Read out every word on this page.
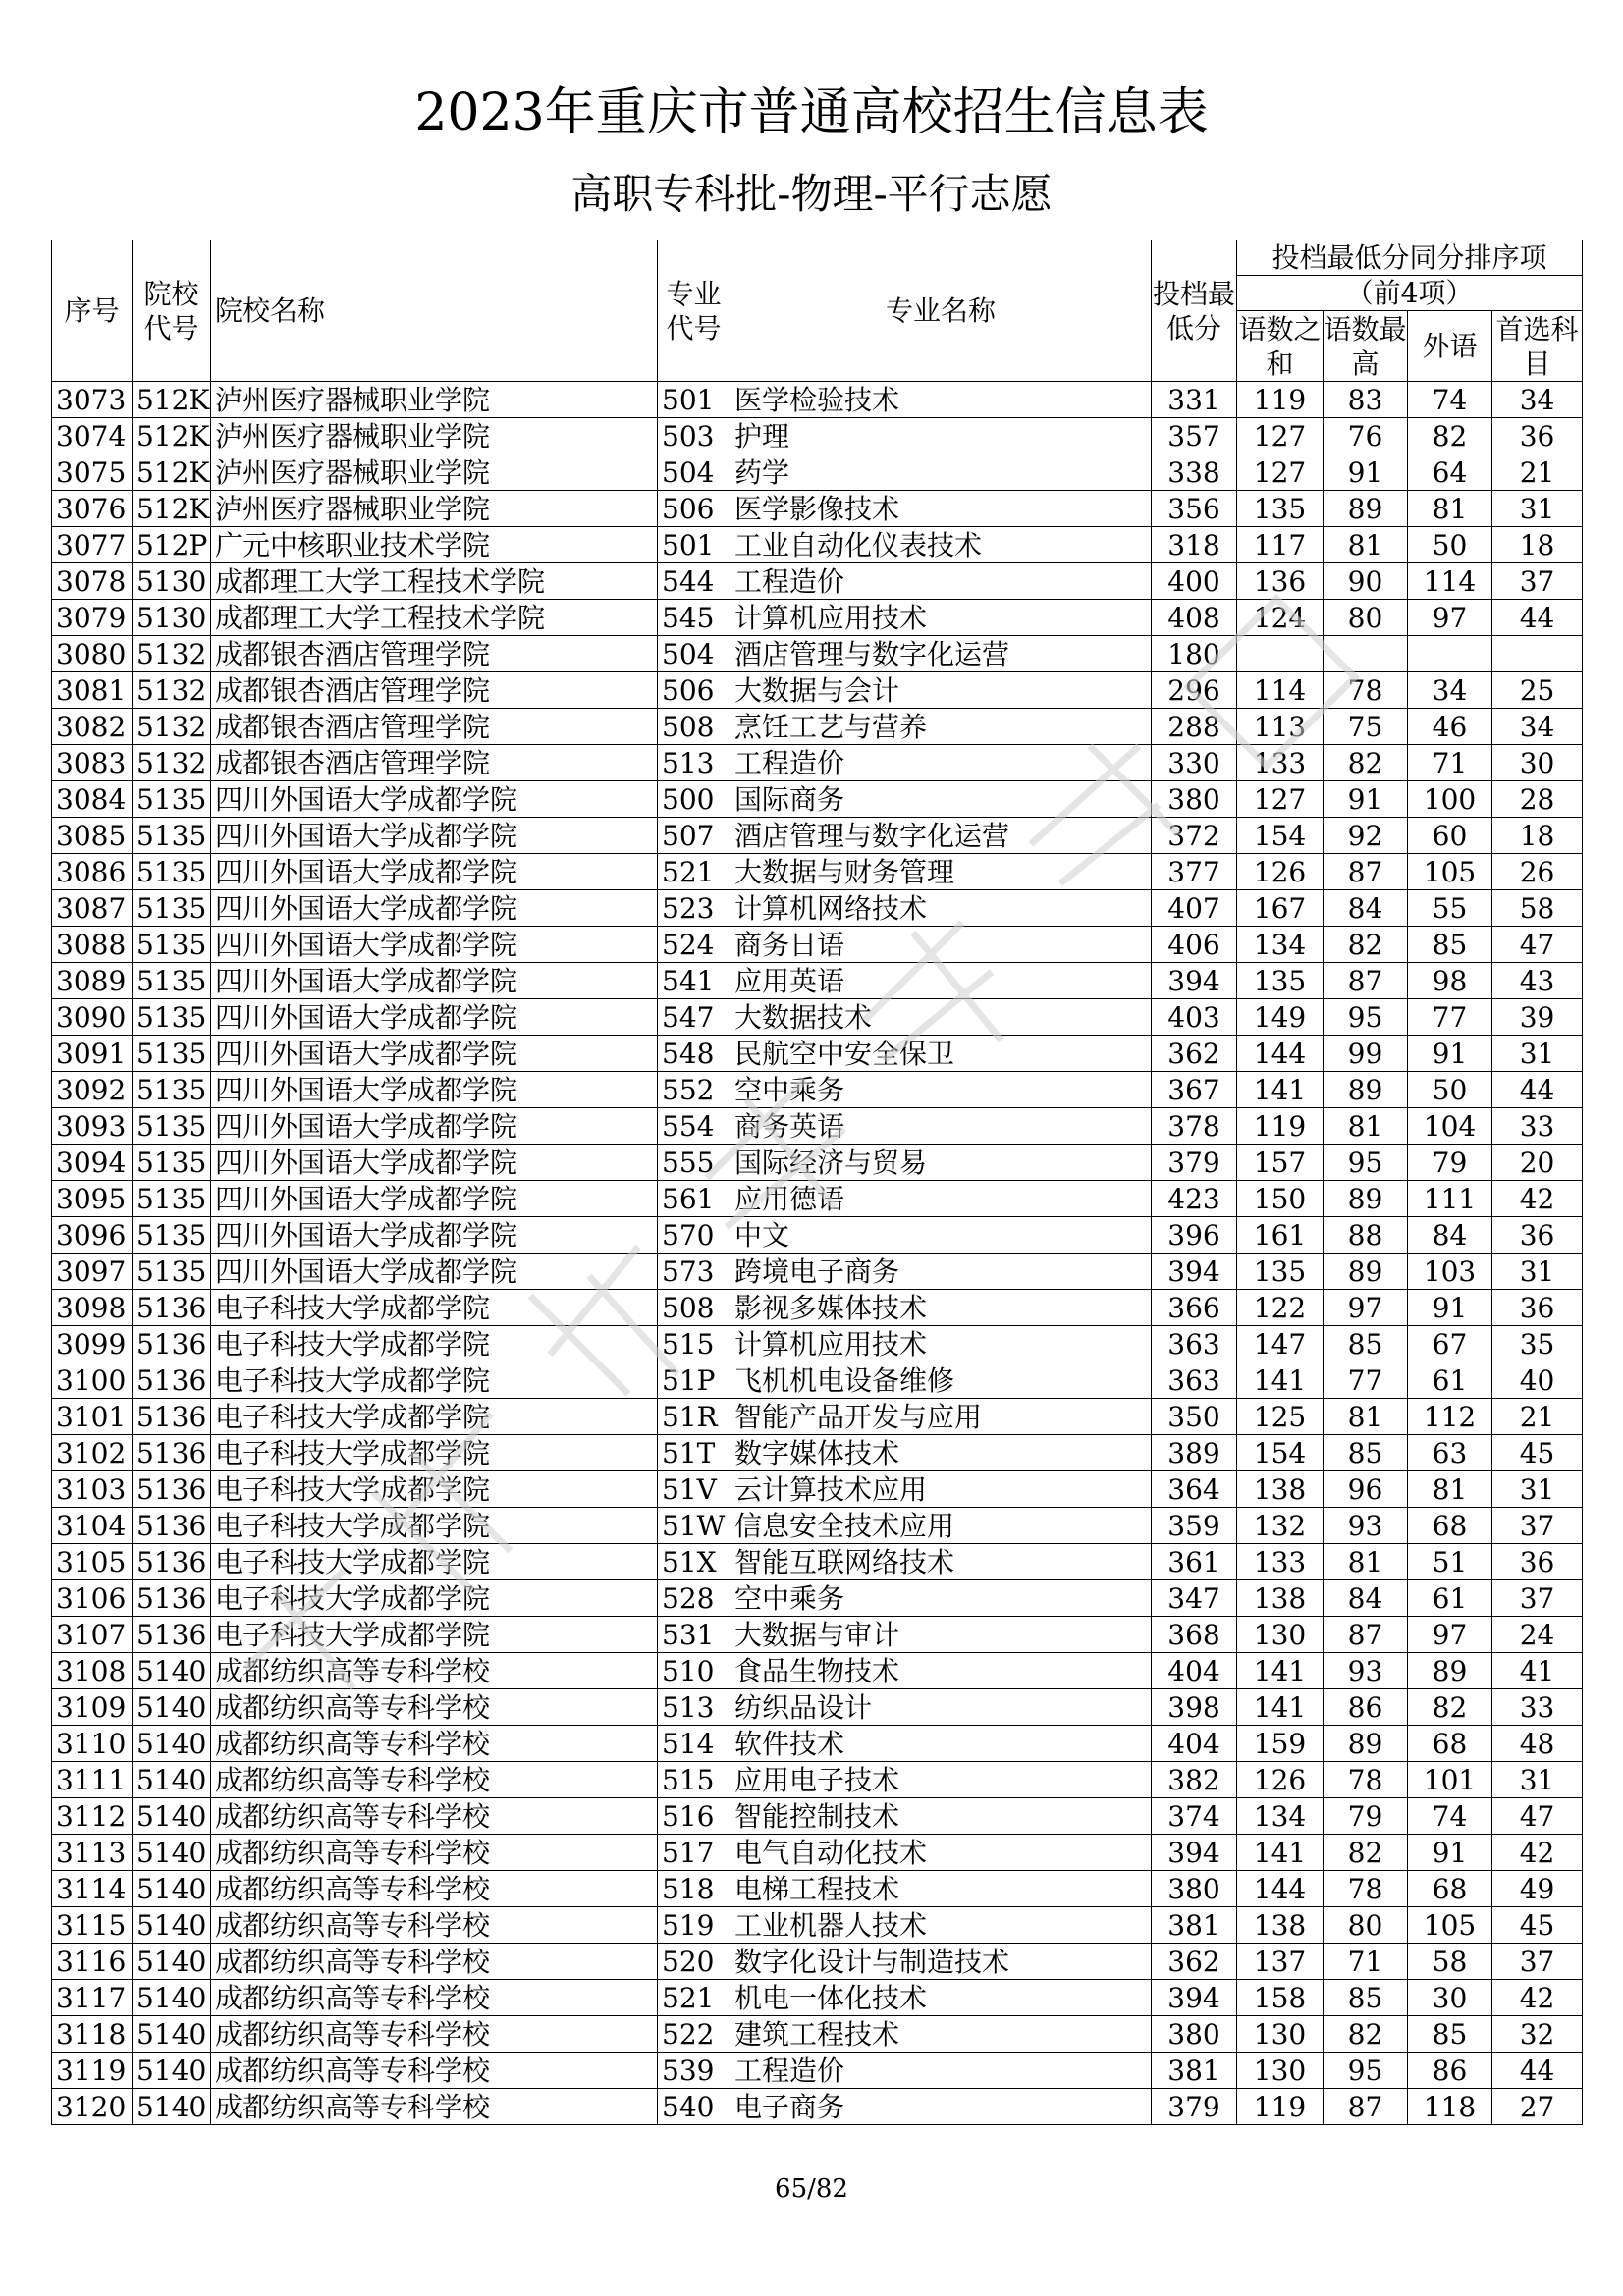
2023年重庆市普通高校招生信息表
高职专科批-物理-平行志愿
序号	院校代号	院校名称	专业代号	专业名称	投档最低分	投档最低分同分排序项			
						（前4项）			
						语数之和	语数最高	外语	首选科目
3073	512K	泸州医疗器械职业学院	501	医学检验技术	331	119	83	74	34
3074	512K	泸州医疗器械职业学院	503	护理	357	127	76	82	36
3075	512K	泸州医疗器械职业学院	504	药学	338	127	91	64	21
3076	512K	泸州医疗器械职业学院	506	医学影像技术	356	135	89	81	31
3077	512P	广元中核职业技术学院	501	工业自动化仪表技术	318	117	81	50	18
3078	5130	成都理工大学工程技术学院	544	工程造价	400	136	90	114	37
3079	5130	成都理工大学工程技术学院	545	计算机应用技术	408	124	80	97	44
3080	5132	成都银杏酒店管理学院	504	酒店管理与数字化运营	180				
3081	5132	成都银杏酒店管理学院	506	大数据与会计	296	114	78	34	25
3082	5132	成都银杏酒店管理学院	508	烹饪工艺与营养	288	113	75	46	34
3083	5132	成都银杏酒店管理学院	513	工程造价	330	133	82	71	30
3084	5135	四川外国语大学成都学院	500	国际商务	380	127	91	100	28
3085	5135	四川外国语大学成都学院	507	酒店管理与数字化运营	372	154	92	60	18
3086	5135	四川外国语大学成都学院	521	大数据与财务管理	377	126	87	105	26
3087	5135	四川外国语大学成都学院	523	计算机网络技术	407	167	84	55	58
3088	5135	四川外国语大学成都学院	524	商务日语	406	134	82	85	47
3089	5135	四川外国语大学成都学院	541	应用英语	394	135	87	98	43
3090	5135	四川外国语大学成都学院	547	大数据技术	403	149	95	77	39
3091	5135	四川外国语大学成都学院	548	民航空中安全保卫	362	144	99	91	31
3092	5135	四川外国语大学成都学院	552	空中乘务	367	141	89	50	44
3093	5135	四川外国语大学成都学院	554	商务英语	378	119	81	104	33
3094	5135	四川外国语大学成都学院	555	国际经济与贸易	379	157	95	79	20
3095	5135	四川外国语大学成都学院	561	应用德语	423	150	89	111	42
3096	5135	四川外国语大学成都学院	570	中文	396	161	88	84	36
3097	5135	四川外国语大学成都学院	573	跨境电子商务	394	135	89	103	31
3098	5136	电子科技大学成都学院	508	影视多媒体技术	366	122	97	91	36
3099	5136	电子科技大学成都学院	515	计算机应用技术	363	147	85	67	35
3100	5136	电子科技大学成都学院	51P	飞机机电设备维修	363	141	77	61	40
3101	5136	电子科技大学成都学院	51R	智能产品开发与应用	350	125	81	112	21
3102	5136	电子科技大学成都学院	51T	数字媒体技术	389	154	85	63	45
3103	5136	电子科技大学成都学院	51V	云计算技术应用	364	138	96	81	31
3104	5136	电子科技大学成都学院	51W	信息安全技术应用	359	132	93	68	37
3105	5136	电子科技大学成都学院	51X	智能互联网络技术	361	133	81	51	36
3106	5136	电子科技大学成都学院	528	空中乘务	347	138	84	61	37
3107	5136	电子科技大学成都学院	531	大数据与审计	368	130	87	97	24
3108	5140	成都纺织高等专科学校	510	食品生物技术	404	141	93	89	41
3109	5140	成都纺织高等专科学校	513	纺织品设计	398	141	86	82	33
3110	5140	成都纺织高等专科学校	514	软件技术	404	159	89	68	48
3111	5140	成都纺织高等专科学校	515	应用电子技术	382	126	78	101	31
3112	5140	成都纺织高等专科学校	516	智能控制技术	374	134	79	74	47
3113	5140	成都纺织高等专科学校	517	电气自动化技术	394	141	82	91	42
3114	5140	成都纺织高等专科学校	518	电梯工程技术	380	144	78	68	49
3115	5140	成都纺织高等专科学校	519	工业机器人技术	381	138	80	105	45
3116	5140	成都纺织高等专科学校	520	数字化设计与制造技术	362	137	71	58	37
3117	5140	成都纺织高等专科学校	521	机电一体化技术	394	158	85	30	42
3118	5140	成都纺织高等专科学校	522	建筑工程技术	380	130	82	85	32
3119	5140	成都纺织高等专科学校	539	工程造价	381	130	95	86	44
3120	5140	成都纺织高等专科学校	540	电子商务	379	119	87	118	27
65/82
